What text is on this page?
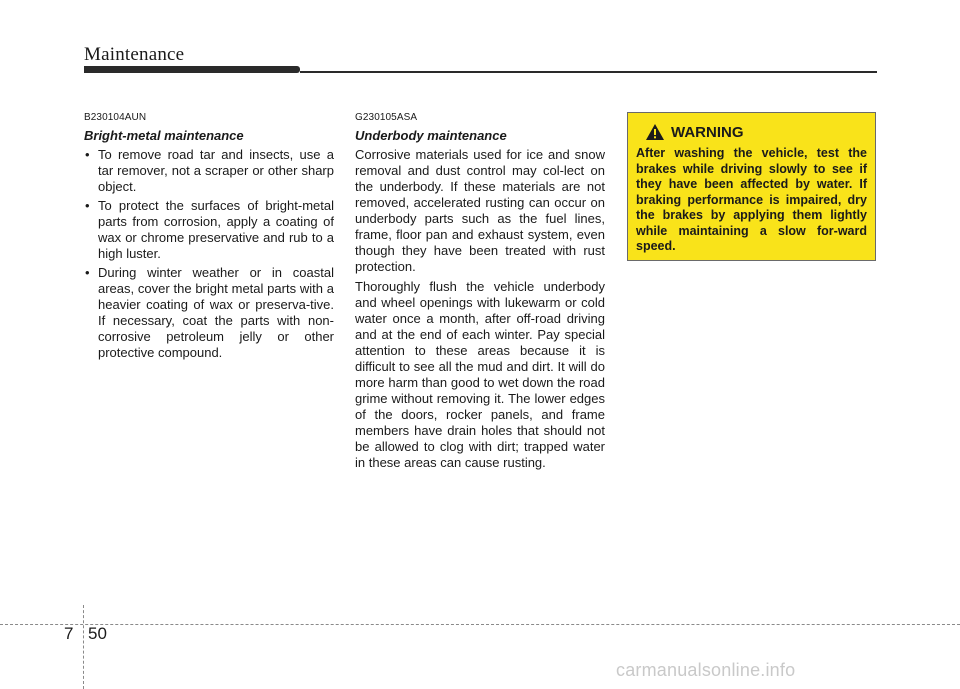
Maintenance
B230104AUN
Bright-metal maintenance
• To remove road tar and insects, use a tar remover, not a scraper or other sharp object.
• To protect the surfaces of bright-metal parts from corrosion, apply a coating of wax or chrome preservative and rub to a high luster.
• During winter weather or in coastal areas, cover the bright metal parts with a heavier coating of wax or preserva-tive. If necessary, coat the parts with non-corrosive petroleum jelly or other protective compound.
G230105ASA
Underbody maintenance

Corrosive materials used for ice and snow removal and dust control may col-lect on the underbody. If these materials are not removed, accelerated rusting can occur on underbody parts such as the fuel lines, frame, floor pan and exhaust system, even though they have been treated with rust protection.

Thoroughly flush the vehicle underbody and wheel openings with lukewarm or cold water once a month, after off-road driving and at the end of each winter. Pay special attention to these areas because it is difficult to see all the mud and dirt. It will do more harm than good to wet down the road grime without removing it. The lower edges of the doors, rocker panels, and frame members have drain holes that should not be allowed to clog with dirt; trapped water in these areas can cause rusting.

WARNING

After washing the vehicle, test the brakes while driving slowly to see if they have been affected by water. If braking performance is impaired, dry the brakes by applying them lightly while maintaining a slow for-ward speed.

7 50
carmanualsonline.info
